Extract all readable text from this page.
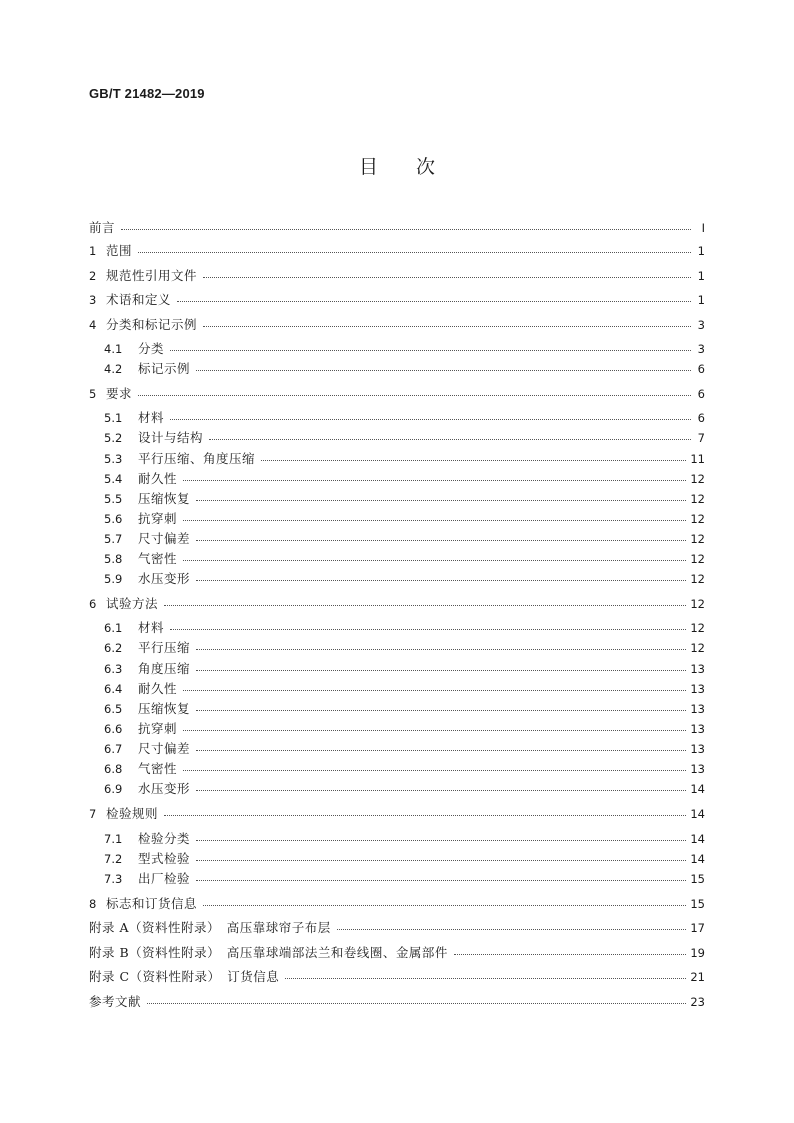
GB/T 21482—2019
目　　次
前言	Ⅰ
1 范围	1
2 规范性引用文件	1
3 术语和定义	1
4 分类和标记示例	3
4.1	分类	3
4.2	标记示例	6
5 要求	6
5.1	材料	6
5.2	设计与结构	7
5.3	平行压缩、角度压缩	11
5.4	耐久性	12
5.5	压缩恢复	12
5.6	抗穿刺	12
5.7	尺寸偏差	12
5.8	气密性	12
5.9	水压变形	12
6 试验方法	12
6.1	材料	12
6.2	平行压缩	12
6.3	角度压缩	13
6.4	耐久性	13
6.5	压缩恢复	13
6.6	抗穿刺	13
6.7	尺寸偏差	13
6.8	气密性	13
6.9	水压变形	14
7 检验规则	14
7.1	检验分类	14
7.2	型式检验	14
7.3	出厂检验	15
8 标志和订货信息	15
附录 A（资料性附录）　高压靠球帘子布层	17
附录 B（资料性附录）　高压靠球端部法兰和卷线圈、金属部件	19
附录 C（资料性附录）　订货信息	21
参考文献	23
